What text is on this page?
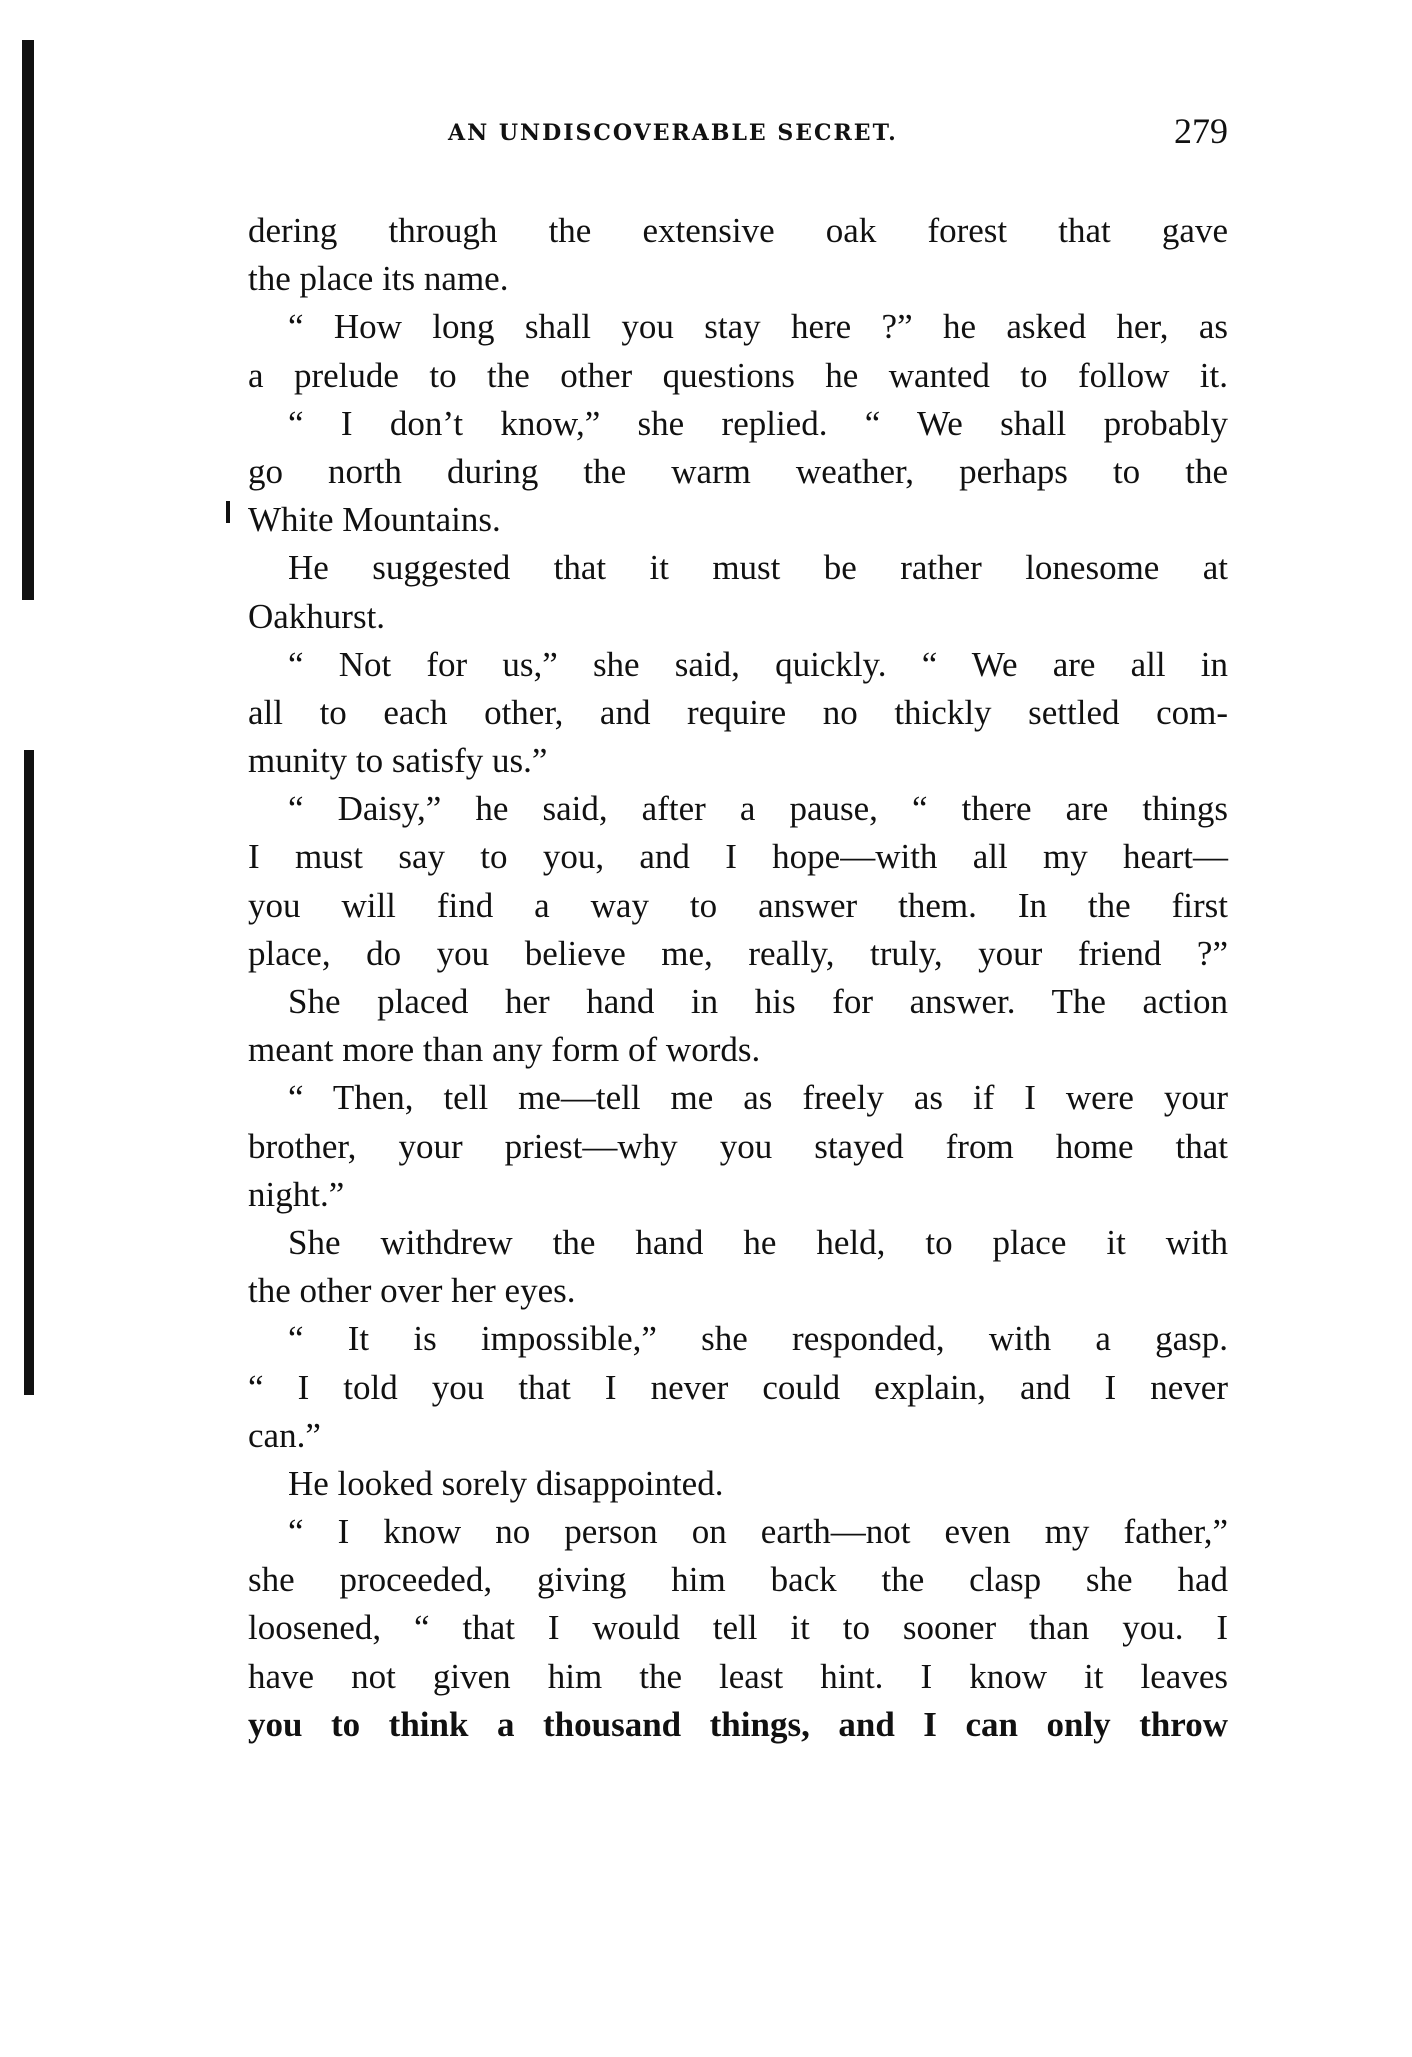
AN UNDISCOVERABLE SECRET.	279
dering through the extensive oak forest that gave
the place its name.
“ How long shall you stay here ?” he asked her, as
a prelude to the other questions he wanted to follow it.
“ I don’t know,” she replied. “ We shall probably
go north during the warm weather, perhaps to the
White Mountains.
He suggested that it must be rather lonesome at
Oakhurst.
“ Not for us,” she said, quickly. “ We are all in
all to each other, and require no thickly settled com-
munity to satisfy us.”
“ Daisy,” he said, after a pause, “ there are things
I must say to you, and I hope—with all my heart—
you will find a way to answer them. In the first
place, do you believe me, really, truly, your friend ?”
She placed her hand in his for answer. The action
meant more than any form of words.
“ Then, tell me—tell me as freely as if I were your
brother, your priest—why you stayed from home that
night.”
She withdrew the hand he held, to place it with
the other over her eyes.
“ It is impossible,” she responded, with a gasp.
“ I told you that I never could explain, and I never
can.”
He looked sorely disappointed.
“ I know no person on earth—not even my father,”
she proceeded, giving him back the clasp she had
loosened, “ that I would tell it to sooner than you. I
have not given him the least hint. I know it leaves
you to think a thousand things, and I can only throw
